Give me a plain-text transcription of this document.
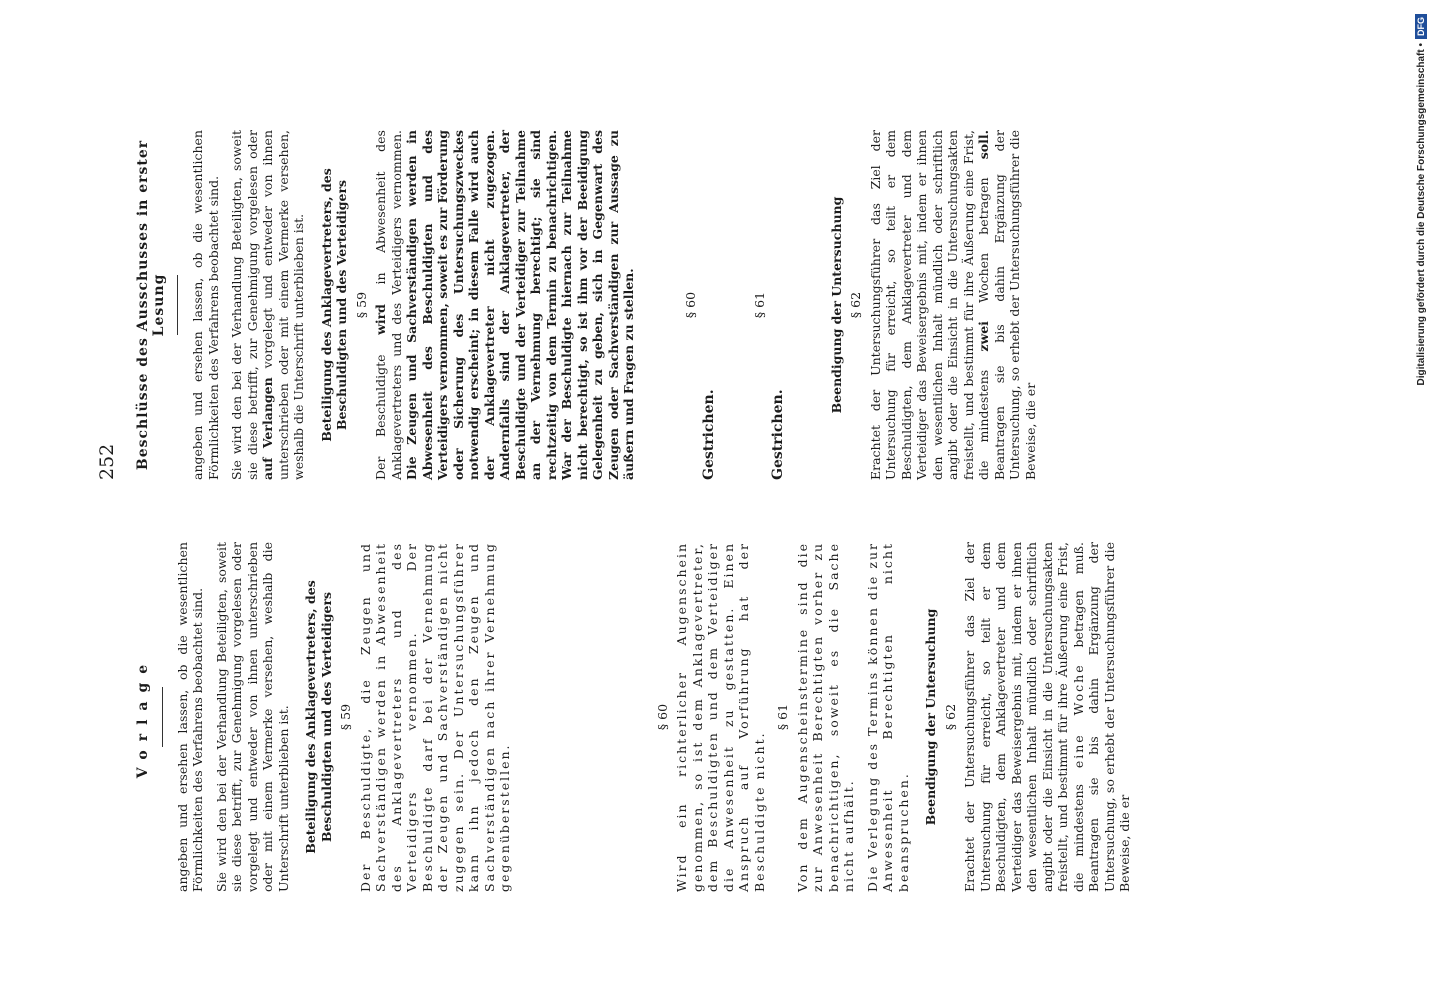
252
Vorlage angeben und ersehen lassen, ob die wesentlichen Förmlichkeiten des Verfahrens beobachtet sind. Sie wird den bei der Verhandlung Beteiligten, soweit sie diese betrifft, zur Genehmigung vorgelesen oder vorgelegt und entweder von ihnen unterschrieben oder mit einem Vermerke versehen, weshalb die Unterschrift unterblieben ist. Beteiligung des Anklagevertreters, des Beschuldigten und des Verteidigers § 59 Der Beschuldigte, die Zeugen und Sachverständigen werden in Abwesenheit des Anklagevertreters und des Verteidigers vernommen. Der Beschuldigte darf bei der Vernehmung der Zeugen und Sachverständigen nicht zugegen sein. Der Untersuchungsführer kann ihn jedoch den Zeugen und Sachverständigen nach ihrer Vernehmung gegenüberstellen.

§ 60 Wird ein richterlicher Augenschein genommen, so ist dem Anklagevertreter, dem Beschuldigten und dem Verteidiger die Anwesenheit zu gestatten. Einen Anspruch auf Vorführung hat der Beschuldigte nicht.

§ 61 Von dem Augenscheinstermine sind die zur Anwesenheit Berechtigten vorher zu benachrichtigen, soweit es die Sache nicht aufhält. Die Verlegung des Termins können die zur Anwesenheit Berechtigten nicht beanspruchen.

Beendigung der Untersuchung § 62 Erachtet der Untersuchungsführer das Ziel der Untersuchung für erreicht, so teilt er dem Beschuldigten, dem Anklagevertreter und dem Verteidiger das Beweisergebnis mit, indem er ihnen den wesentlichen Inhalt mündlich oder schriftlich angibt oder die Einsicht in die Untersuchungsakten freistellt, und bestimmt für ihre Äußerung eine Frist, die mindestens eine Woche betragen muß. Beantragen sie bis dahin Ergänzung der Untersuchung, so erhebt der Untersuchungsführer die Beweise, die er

Beschlüsse des Ausschusses in erster Lesung angeben und ersehen lassen, ob die wesentlichen Förmlichkeiten des Verfahrens beobachtet sind. Sie wird den bei der Verhandlung Beteiligten, soweit sie diese betrifft, zur Genehmigung vorgelesen oder auf Verlangen vorgelegt und entweder von ihnen unterschrieben oder mit einem Vermerke versehen, weshalb die Unterschrift unterblieben ist. Beteiligung des Anklagevertreters, des Beschuldigten und des Verteidigers § 59

Der Beschuldigte wird in Abwesenheit des Anklagevertreters und des Verteidigers vernommen. Die Zeugen und Sachverständigen werden in Abwesenheit des Beschuldigten und des Verteidigers vernommen, soweit es zur Förderung oder Sicherung des Untersuchungszweckes notwendig erscheint; in diesem Falle wird auch der Anklagevertreter nicht zugezogen. Andernfalls sind der Anklagevertreter, der Beschuldigte und der Verteidiger zur Teilnahme an der Vernehmung berechtigt; sie sind rechtzeitig von dem Termin zu benachrichtigen. War der Beschuldigte hiernach zur Teilnahme nicht berechtigt, so ist ihm vor der Beeidigung Gelegenheit zu geben, sich in Gegenwart des Zeugen oder Sachverständigen zur Aussage zu äußern und Fragen zu stellen.	§ 60

Gestrichen.

§ 61

Gestrichen.

Beendigung der Untersuchung § 62 Erachtet der Untersuchungsführer das Ziel der Untersuchung für erreicht, so teilt er dem Beschuldigten, dem Anklagevertreter und dem Verteidiger das Beweisergebnis mit, indem er ihnen den wesentlichen Inhalt mündlich oder schriftlich angibt oder die Einsicht in die Untersuchungsakten freistellt, und bestimmt für ihre Äußerung eine Frist, die mindestens zwei Wochen betragen soll. Beantragen sie bis dahin Ergänzung der Untersuchung, so erhebt der Untersuchungsführer die Beweise, die er

Digitalisierung gefördert durch die Deutsche Forschungsgemeinschaft •
DFG
